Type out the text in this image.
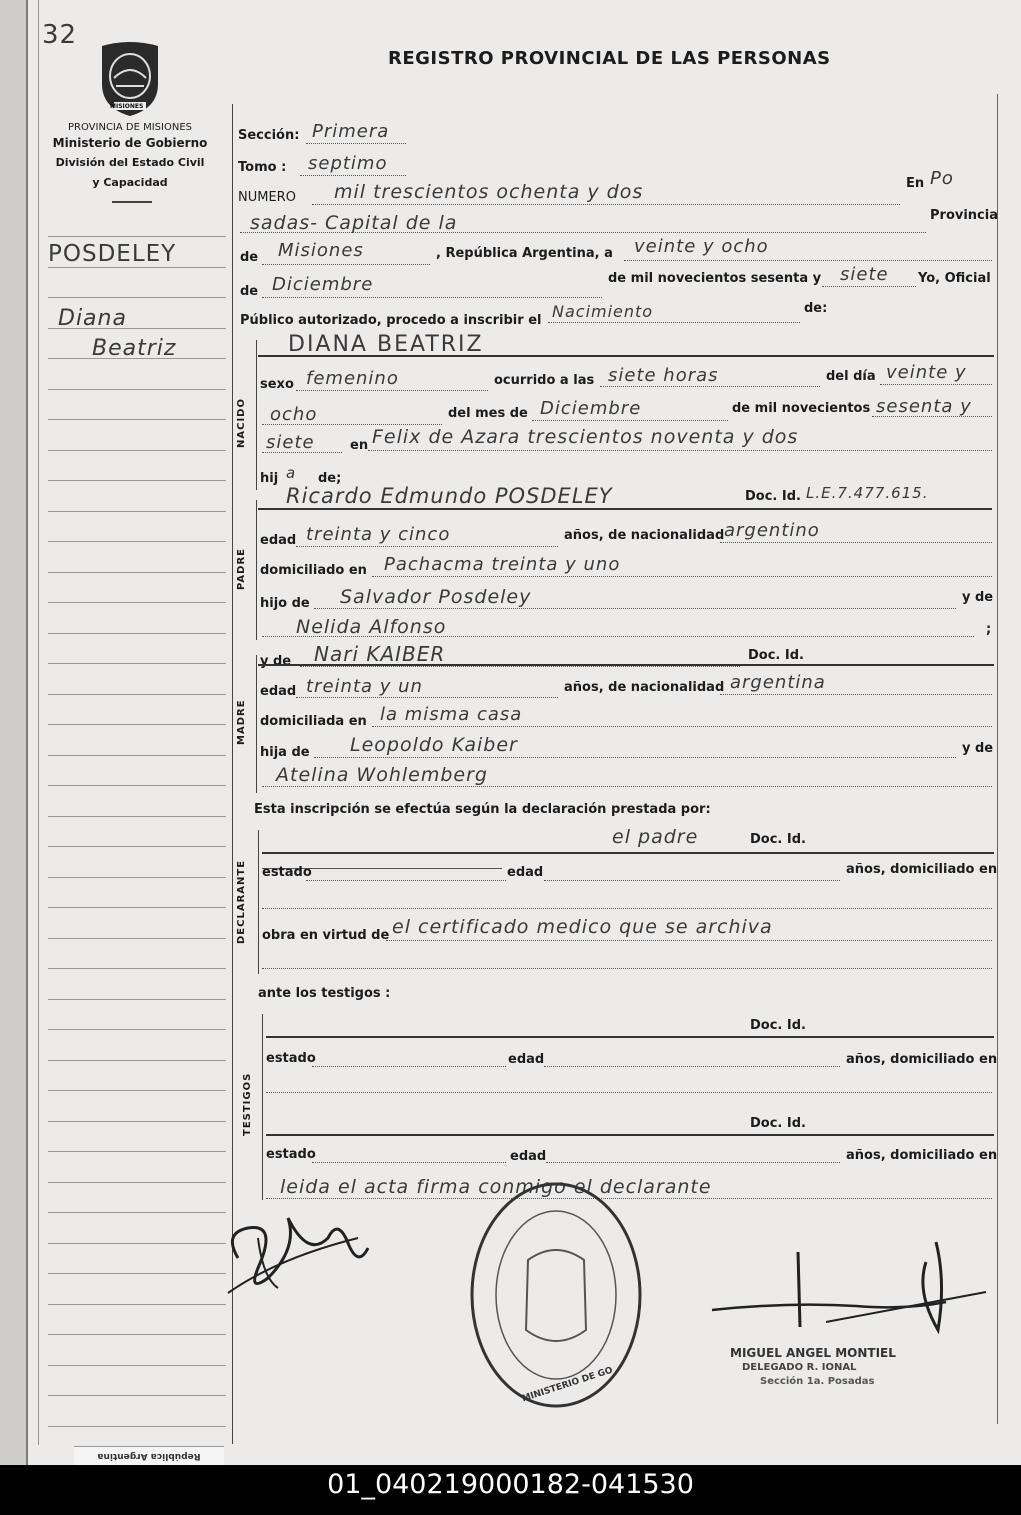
32
MISIONES
REGISTRO PROVINCIAL DE LAS PERSONAS
PROVINCIA DE MISIONES
Ministerio de Gobierno
División del Estado Civil
y Capacidad
POSDELEY
Diana
Beatriz
Sección: Primera
Tomo : septimo
NUMERO mil trescientos ochenta y dos	En Po
sadas- Capital de la	Provincia
de Misiones	, República Argentina, a veinte y ocho
de Diciembre	de mil novecientos sesenta y siete Yo, Oficial
Público autorizado, procedo a inscribir el Nacimiento	de:
DIANA BEATRIZ
NACIDO
sexo femenino	ocurrido a las siete horas	del día veinte y
ocho	del mes de Diciembre	de mil novecientos sesenta y
siete	en Felix de Azara trescientos noventa y dos
hij a de;
Ricardo Edmundo POSDELEY	Doc. Id. L.E.7.477.615.
PADRE
edad treinta y cinco	años, de nacionalidad argentino
domiciliado en Pachacma treinta y uno
hijo de Salvador Posdeley	y de
Nelida Alfonso	;
y de Nari KAIBER	Doc. Id.
MADRE
edad treinta y un	años, de nacionalidad argentina
domiciliada en la misma casa
hija de Leopoldo Kaiber	y de
Atelina Wohlemberg
Esta inscripción se efectúa según la declaración prestada por:
el padre	Doc. Id.
DECLARANTE estado	edad	años, domiciliado en
obra en virtud de el certificado medico que se archiva
ante los testigos :
TESTIGOS
Doc. Id.
estado	edad	años, domiciliado en
Doc. Id.
estado	edad	años, domiciliado en
leida el acta firma conmigo el declarante
MINISTERIO DE GO
MIGUEL ANGEL MONTIEL
DELEGADO R. IONAL
Sección 1a. Posadas
República Argentina
01_040219000182-041530
